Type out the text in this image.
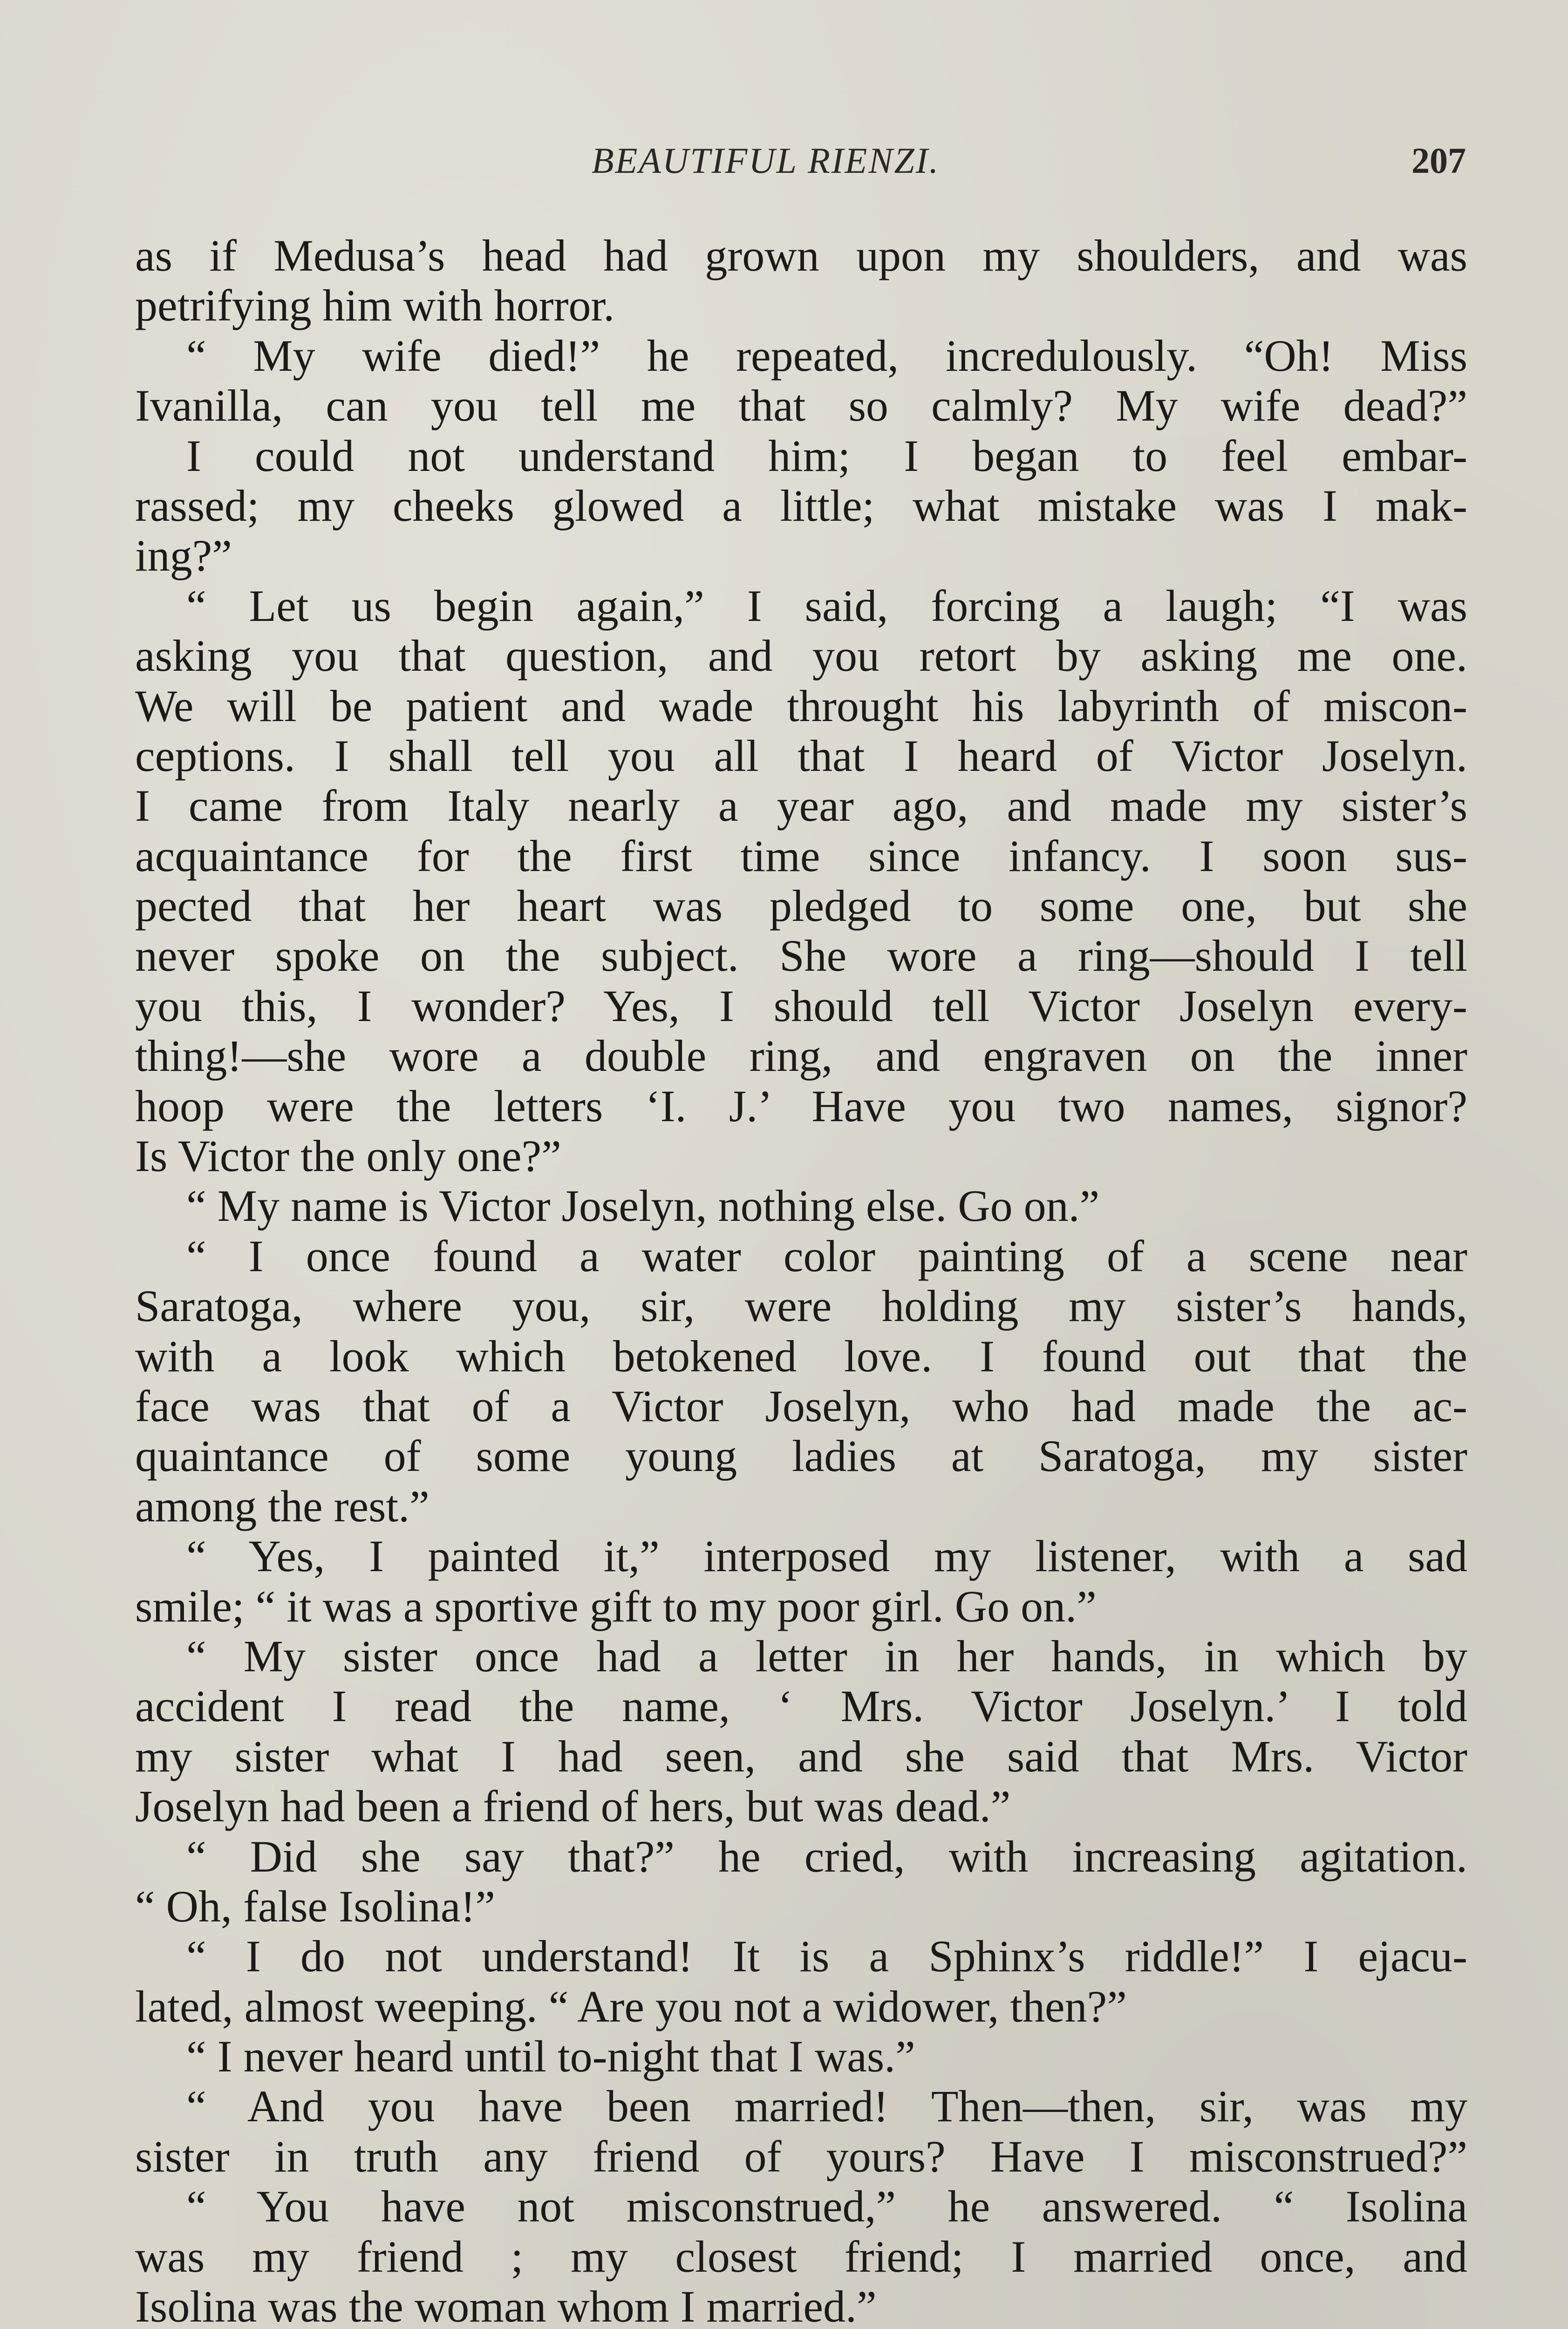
BEAUTIFUL RIENZI.	207
as if Medusa’s head had grown upon my shoulders, and was
petrifying him with horror.
“ My wife died!” he repeated, incredulously. “Oh! Miss
Ivanilla, can you tell me that so calmly? My wife dead?”
I could not understand him; I began to feel embar-
rassed; my cheeks glowed a little; what mistake was I mak-
ing?”
“ Let us begin again,” I said, forcing a laugh; “I was
asking you that question, and you retort by asking me one.
We will be patient and wade throught his labyrinth of miscon-
ceptions. I shall tell you all that I heard of Victor Joselyn.
I came from Italy nearly a year ago, and made my sister’s
acquaintance for the first time since infancy. I soon sus-
pected that her heart was pledged to some one, but she
never spoke on the subject. She wore a ring—should I tell
you this, I wonder? Yes, I should tell Victor Joselyn every-
thing!—she wore a double ring, and engraven on the inner
hoop were the letters ‘I. J.’ Have you two names, signor?
Is Victor the only one?”
“ My name is Victor Joselyn, nothing else. Go on.”
“ I once found a water color painting of a scene near
Saratoga, where you, sir, were holding my sister’s hands,
with a look which betokened love. I found out that the
face was that of a Victor Joselyn, who had made the ac-
quaintance of some young ladies at Saratoga, my sister
among the rest.”
“ Yes, I painted it,” interposed my listener, with a sad
smile; “ it was a sportive gift to my poor girl. Go on.”
“ My sister once had a letter in her hands, in which by
accident I read the name, ‘ Mrs. Victor Joselyn.’ I told
my sister what I had seen, and she said that Mrs. Victor
Joselyn had been a friend of hers, but was dead.”
“ Did she say that?” he cried, with increasing agitation.
“ Oh, false Isolina!”
“ I do not understand! It is a Sphinx’s riddle!” I ejacu-
lated, almost weeping. “ Are you not a widower, then?”
“ I never heard until to-night that I was.”
“ And you have been married! Then—then, sir, was my
sister in truth any friend of yours? Have I misconstrued?”
“ You have not misconstrued,” he answered. “ Isolina
was my friend ; my closest friend; I married once, and
Isolina was the woman whom I married.”
